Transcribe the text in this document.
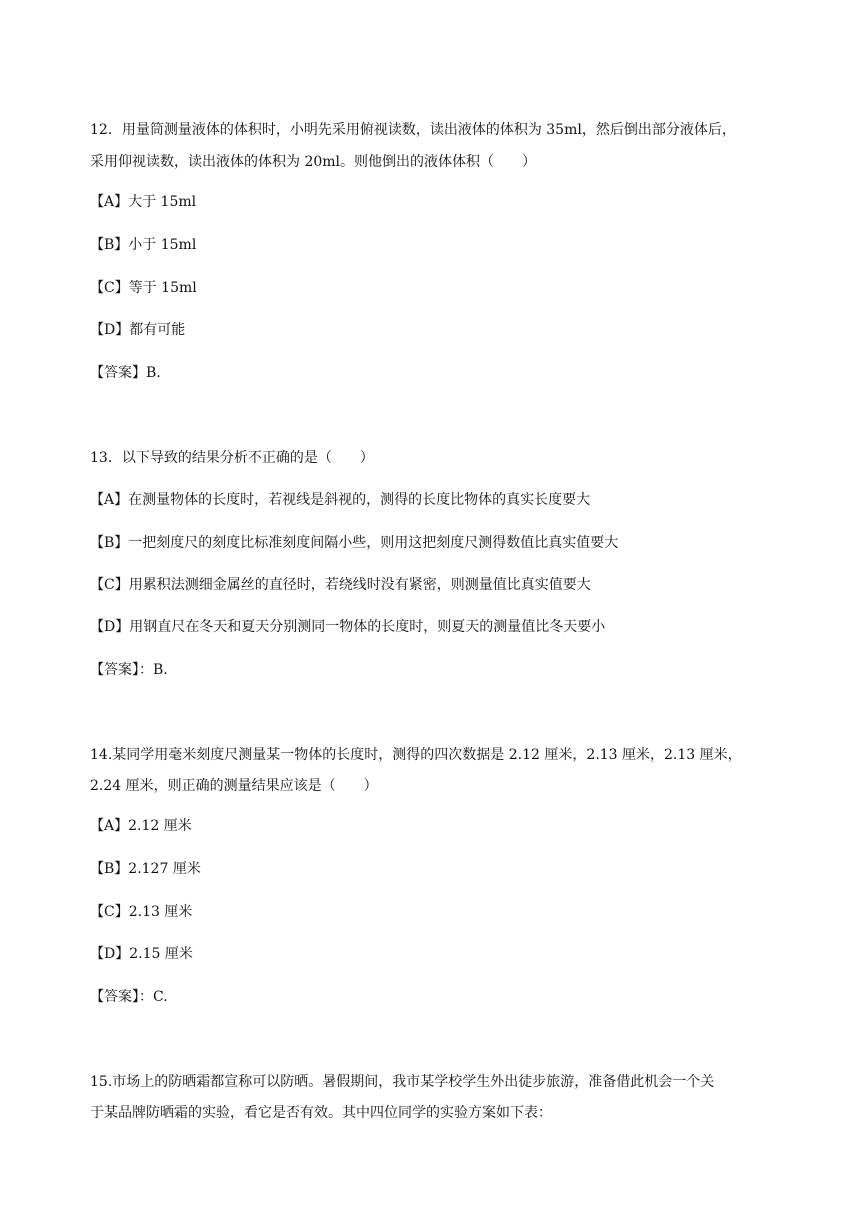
12．用量筒测量液体的体积时，小明先采用俯视读数，读出液体的体积为 35ml，然后倒出部分液体后，
采用仰视读数，读出液体的体积为 20ml。则他倒出的液体体积（　　）
【A】大于 15ml
【B】小于 15ml
【C】等于 15ml
【D】都有可能
【答案】B.
13．以下导致的结果分析不正确的是（　　）
【A】在测量物体的长度时，若视线是斜视的，测得的长度比物体的真实长度要大
【B】一把刻度尺的刻度比标准刻度间隔小些，则用这把刻度尺测得数值比真实值要大
【C】用累积法测细金属丝的直径时，若绕线时没有紧密，则测量值比真实值要大
【D】用钢直尺在冬天和夏天分别测同一物体的长度时，则夏天的测量值比冬天要小
【答案】：B.
14.某同学用毫米刻度尺测量某一物体的长度时，测得的四次数据是 2.12 厘米，2.13 厘米，2.13 厘米，
2.24 厘米，则正确的测量结果应该是（　　）
【A】2.12 厘米
【B】2.127 厘米
【C】2.13 厘米
【D】2.15 厘米
【答案】：C.
15.市场上的防晒霜都宣称可以防晒。暑假期间，我市某学校学生外出徒步旅游，准备借此机会一个关
于某品牌防晒霜的实验，看它是否有效。其中四位同学的实验方案如下表：
